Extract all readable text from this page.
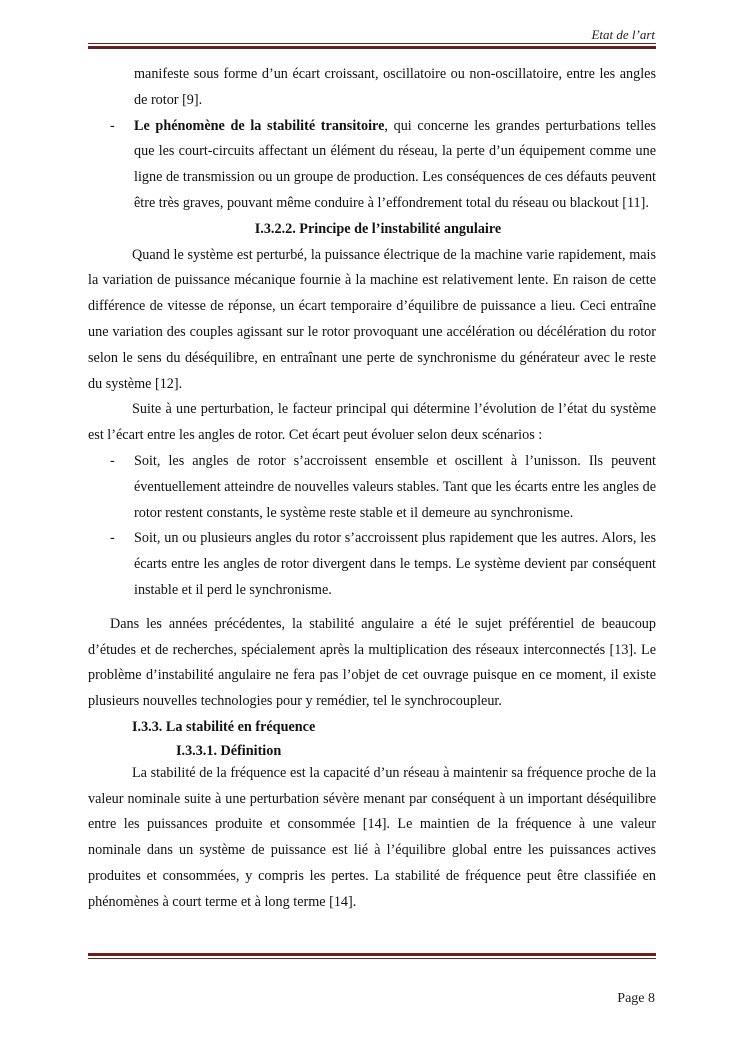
Etat de l’art

manifeste sous forme d’un écart croissant, oscillatoire ou non-oscillatoire, entre les angles de rotor [9].

- Le phénomène de la stabilité transitoire, qui concerne les grandes perturbations telles que les court-circuits affectant un élément du réseau, la perte d’un équipement comme une ligne de transmission ou un groupe de production. Les conséquences de ces défauts peuvent être très graves, pouvant même conduire à l’effondrement total du réseau ou blackout [11].

I.3.2.2. Principe de l’instabilité angulaire

Quand le système est perturbé, la puissance électrique de la machine varie rapidement, mais la variation de puissance mécanique fournie à la machine est relativement lente. En raison de cette différence de vitesse de réponse, un écart temporaire d’équilibre de puissance a lieu. Ceci entraîne une variation des couples agissant sur le rotor provoquant une accélération ou décélération du rotor selon le sens du déséquilibre, en entraînant une perte de synchronisme du générateur avec le reste du système [12].

Suite à une perturbation, le facteur principal qui détermine l’évolution de l’état du système est l’écart entre les angles de rotor. Cet écart peut évoluer selon deux scénarios :

- Soit, les angles de rotor s’accroissent ensemble et oscillent à l’unisson. Ils peuvent éventuellement atteindre de nouvelles valeurs stables. Tant que les écarts entre les angles de rotor restent constants, le système reste stable et il demeure au synchronisme.

- Soit, un ou plusieurs angles du rotor s’accroissent plus rapidement que les autres. Alors, les écarts entre les angles de rotor divergent dans le temps. Le système devient par conséquent instable et il perd le synchronisme.

Dans les années précédentes, la stabilité angulaire a été le sujet préférentiel de beaucoup d’études et de recherches, spécialement après la multiplication des réseaux interconnectés [13]. Le problème d’instabilité angulaire ne fera pas l’objet de cet ouvrage puisque en ce moment, il existe plusieurs nouvelles technologies pour y remédier, tel le synchrocoupleur.

I.3.3. La stabilité en fréquence
I.3.3.1. Définition

La stabilité de la fréquence est la capacité d’un réseau à maintenir sa fréquence proche de la valeur nominale suite à une perturbation sévère menant par conséquent à un important déséquilibre entre les puissances produite et consommée [14]. Le maintien de la fréquence à une valeur nominale dans un système de puissance est lié à l’équilibre global entre les puissances actives produites et consommées, y compris les pertes. La stabilité de fréquence peut être classifiée en phénomènes à court terme et à long terme [14].

Page 8
